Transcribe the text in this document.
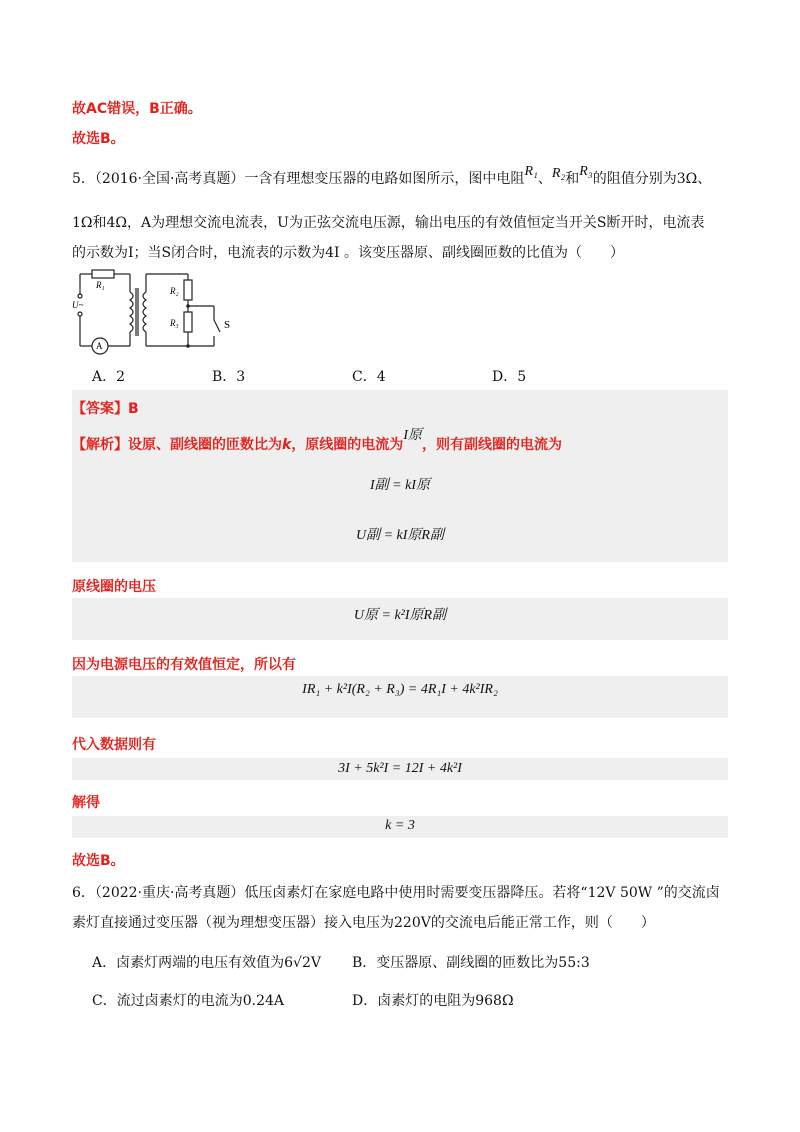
故AC错误，B正确。
故选B。
5．（2016·全国·高考真题）一含有理想变压器的电路如图所示，图中电阻R₁、R₂和R₃的阻值分别为3Ω、
1Ω和4Ω，A为理想交流电流表，U为正弦交流电压源，输出电压的有效值恒定当开关S断开时，电流表
的示数为I；当S闭合时，电流表的示数为4I 。该变压器原、副线圈匝数的比值为（　　）
R₁
R₂
R₃
U~
A
S
A．2	B．3	C．4	D．5
【答案】B
【解析】设原、副线圈的匝数比为k，原线圈的电流为I原，则有副线圈的电流为
I副 = kI原
U副 = kI原R副
原线圈的电压
U原 = k²I原R副
因为电源电压的有效值恒定，所以有
IR₁ + k²I(R₂ + R₃) = 4R₁I + 4k²IR₂
代入数据则有
3I + 5k²I = 12I + 4k²I
解得
k = 3
故选B。
6．（2022·重庆·高考真题）低压卤素灯在家庭电路中使用时需要变压器降压。若将“12V 50W ”的交流卤
素灯直接通过变压器（视为理想变压器）接入电压为220V的交流电后能正常工作，则（　　）
A．卤素灯两端的电压有效值为6√2V B．变压器原、副线圈的匝数比为55:3
C．流过卤素灯的电流为0.24A	D．卤素灯的电阻为968Ω
